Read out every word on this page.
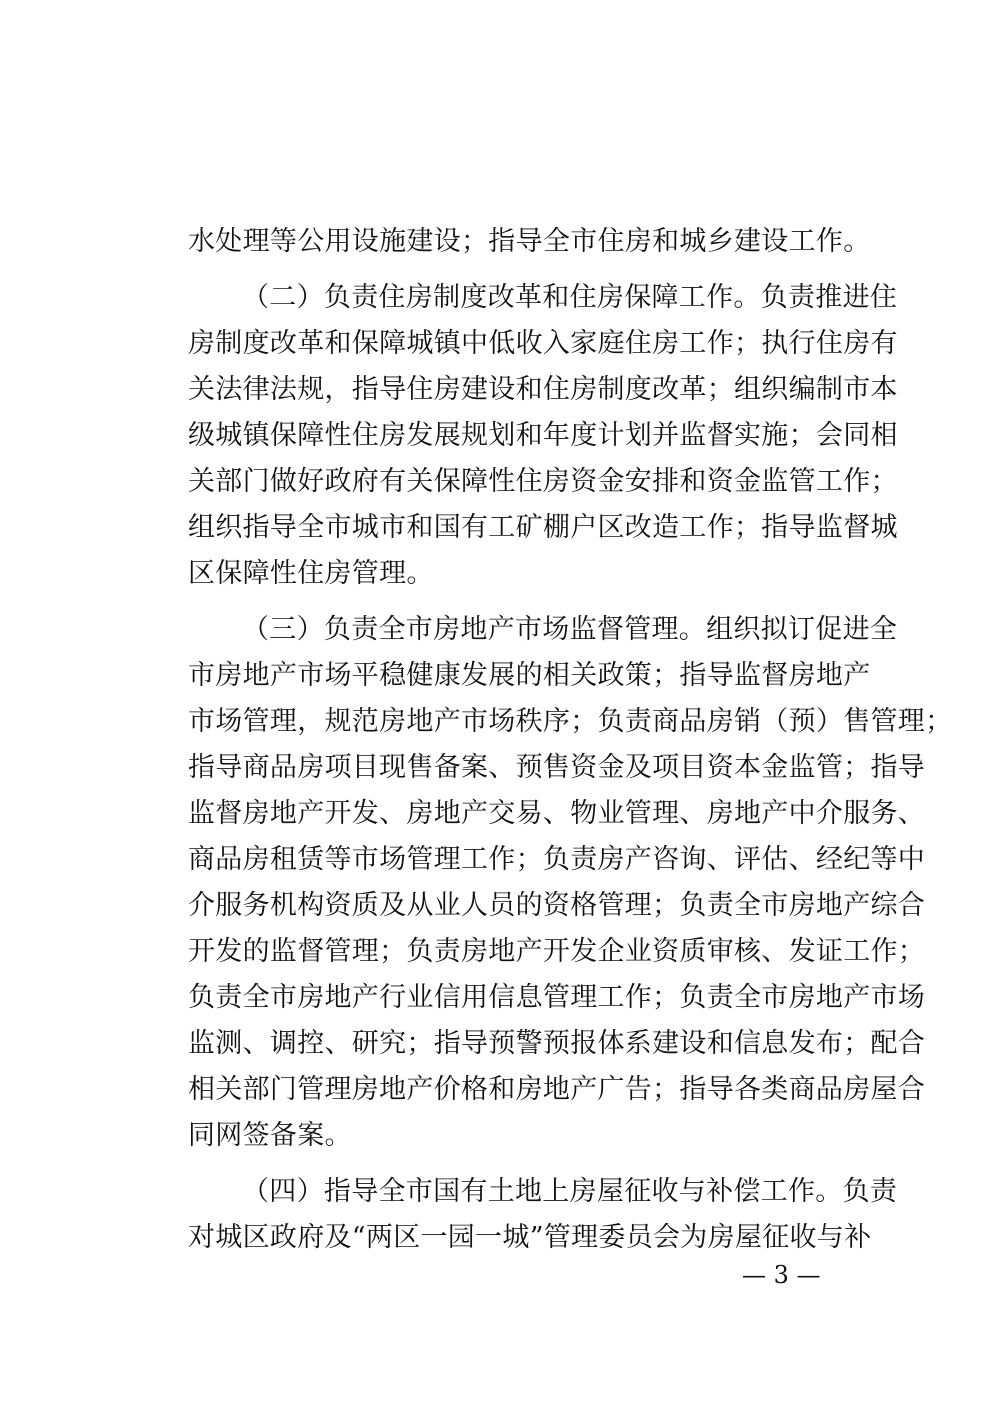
水处理等公用设施建设；指导全市住房和城乡建设工作。
（二）负责住房制度改革和住房保障工作。负责推进住
房制度改革和保障城镇中低收入家庭住房工作；执行住房有
关法律法规，指导住房建设和住房制度改革；组织编制市本
级城镇保障性住房发展规划和年度计划并监督实施；会同相
关部门做好政府有关保障性住房资金安排和资金监管工作；
组织指导全市城市和国有工矿棚户区改造工作；指导监督城
区保障性住房管理。
（三）负责全市房地产市场监督管理。组织拟订促进全
市房地产市场平稳健康发展的相关政策；指导监督房地产
市场管理，规范房地产市场秩序；负责商品房销（预）售管理；
指导商品房项目现售备案、预售资金及项目资本金监管；指导
监督房地产开发、房地产交易、物业管理、房地产中介服务、
商品房租赁等市场管理工作；负责房产咨询、评估、经纪等中
介服务机构资质及从业人员的资格管理；负责全市房地产综合
开发的监督管理；负责房地产开发企业资质审核、发证工作；
负责全市房地产行业信用信息管理工作；负责全市房地产市场
监测、调控、研究；指导预警预报体系建设和信息发布；配合
相关部门管理房地产价格和房地产广告；指导各类商品房屋合
同网签备案。
（四）指导全市国有土地上房屋征收与补偿工作。负责
对城区政府及“两区一园一城”管理委员会为房屋征收与补
— 3 —
